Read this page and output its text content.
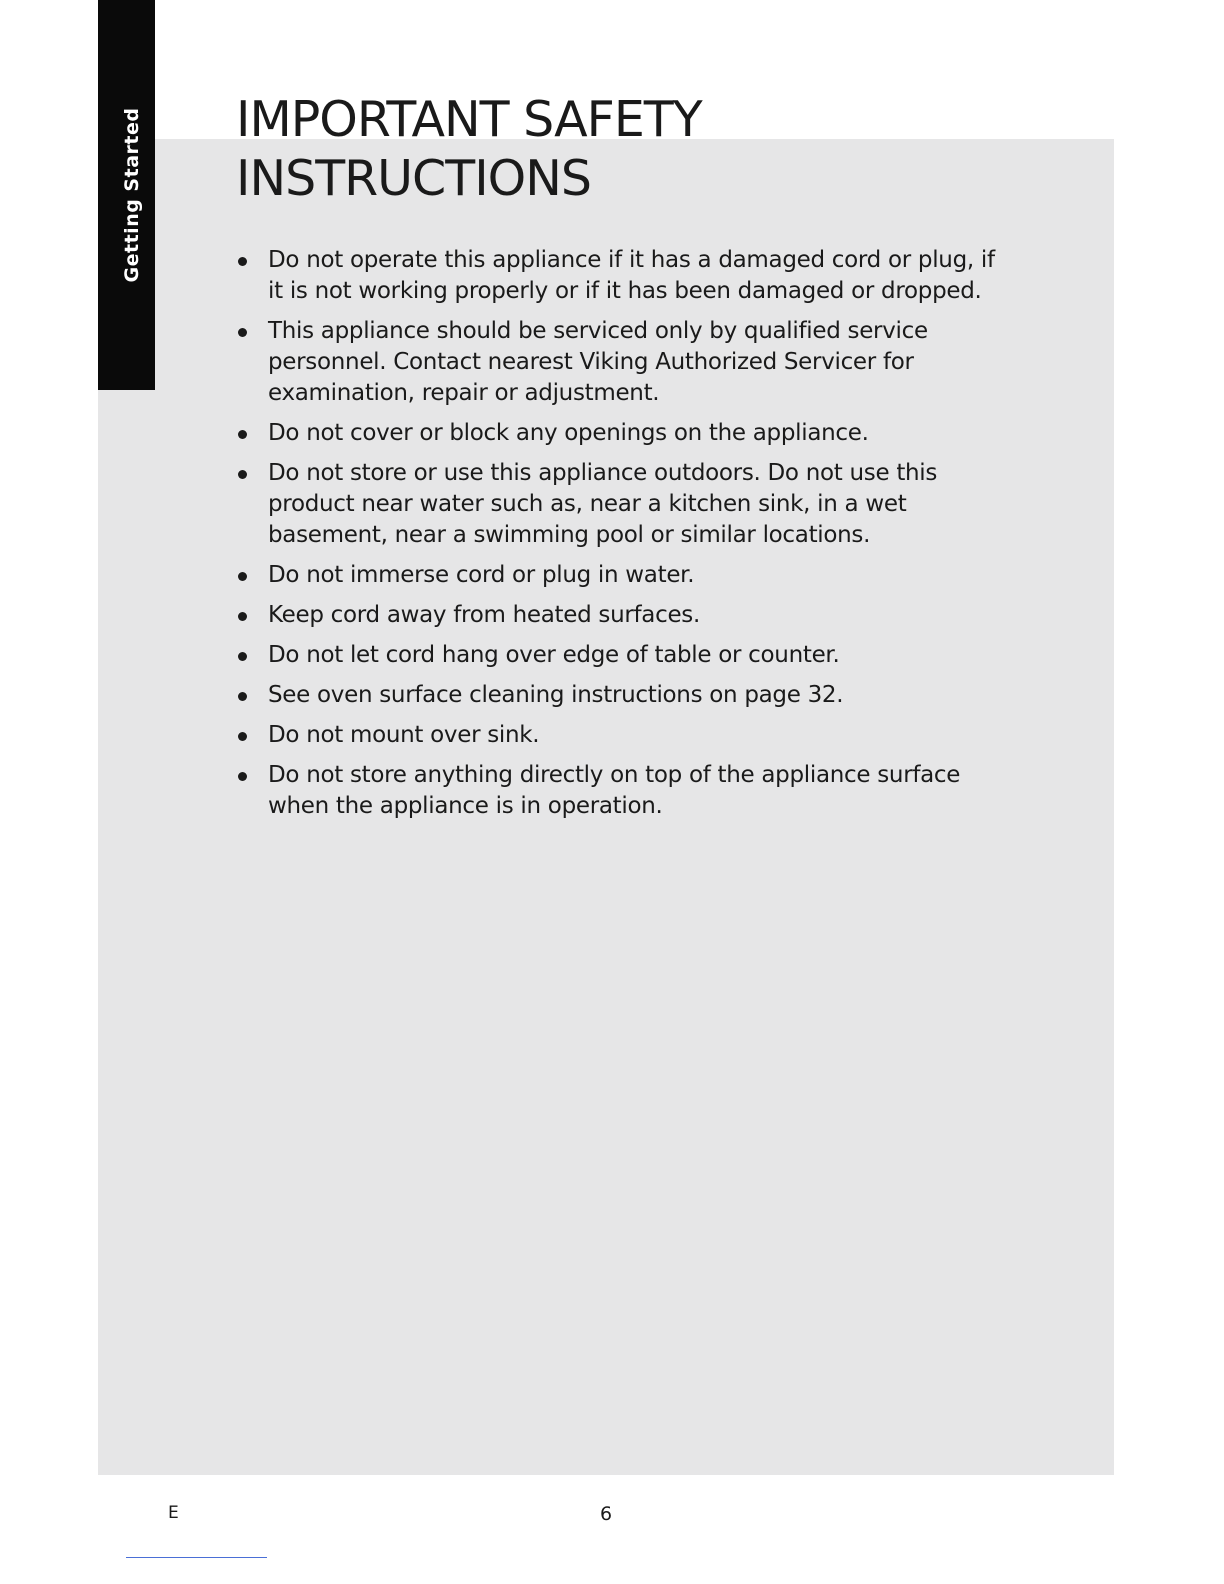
Getting Started IMPORTANT SAFETY
INSTRUCTIONS
Do not operate this appliance if it has a damaged cord or plug, if it is not working properly or if it has been damaged or dropped.
This appliance should be serviced only by qualified service personnel. Contact nearest Viking Authorized Servicer for examination, repair or adjustment.
Do not cover or block any openings on the appliance.
Do not store or use this appliance outdoors. Do not use this product near water such as, near a kitchen sink, in a wet basement, near a swimming pool or similar locations.
Do not immerse cord or plug in water.
Keep cord away from heated surfaces.
Do not let cord hang over edge of table or counter.
See oven surface cleaning instructions on page 32.
Do not mount over sink.
Do not store anything directly on top of the appliance surface when the appliance is in operation.
E	6
